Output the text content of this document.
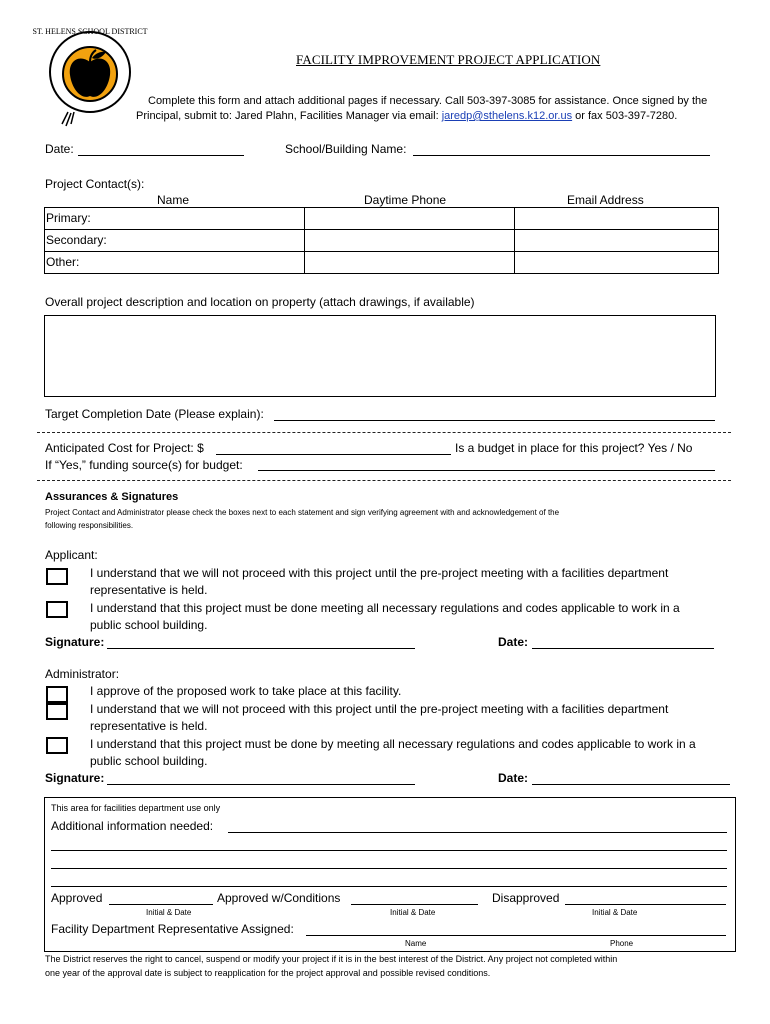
ST. HELENS SCHOOL DISTRICT
FACILITY IMPROVEMENT PROJECT APPLICATION
Complete this form and attach additional pages if necessary. Call 503-397-3085 for assistance. Once signed by the
Principal, submit to: Jared Plahn, Facilities Manager via email: jaredp@sthelens.k12.or.us or fax 503-397-7280.
Date:	School/Building Name:
Project Contact(s):
Name	Daytime Phone	Email Address
Primary:		
Secondary:		
Other:		
Overall project description and location on property (attach drawings, if available)
Target Completion Date (Please explain):
Anticipated Cost for Project: $	Is a budget in place for this project? Yes / No
If “Yes,” funding source(s) for budget:
Assurances & Signatures
Project Contact and Administrator please check the boxes next to each statement and sign verifying agreement with and acknowledgement of the
following responsibilities.
Applicant:
I understand that we will not proceed with this project until the pre-project meeting with a facilities department
representative is held.
I understand that this project must be done meeting all necessary regulations and codes applicable to work in a
public school building.
Signature:	Date:
Administrator:
I approve of the proposed work to take place at this facility.
I understand that we will not proceed with this project until the pre-project meeting with a facilities department
representative is held.
I understand that this project must be done by meeting all necessary regulations and codes applicable to work in a
public school building.
Signature:	Date:
This area for facilities department use only
Additional information needed:
Approved	Approved w/Conditions	Disapproved
Initial & Date	Initial & Date	Initial & Date
Facility Department Representative Assigned:
Name	Phone
The District reserves the right to cancel, suspend or modify your project if it is in the best interest of the District. Any project not completed within
one year of the approval date is subject to reapplication for the project approval and possible revised conditions.
